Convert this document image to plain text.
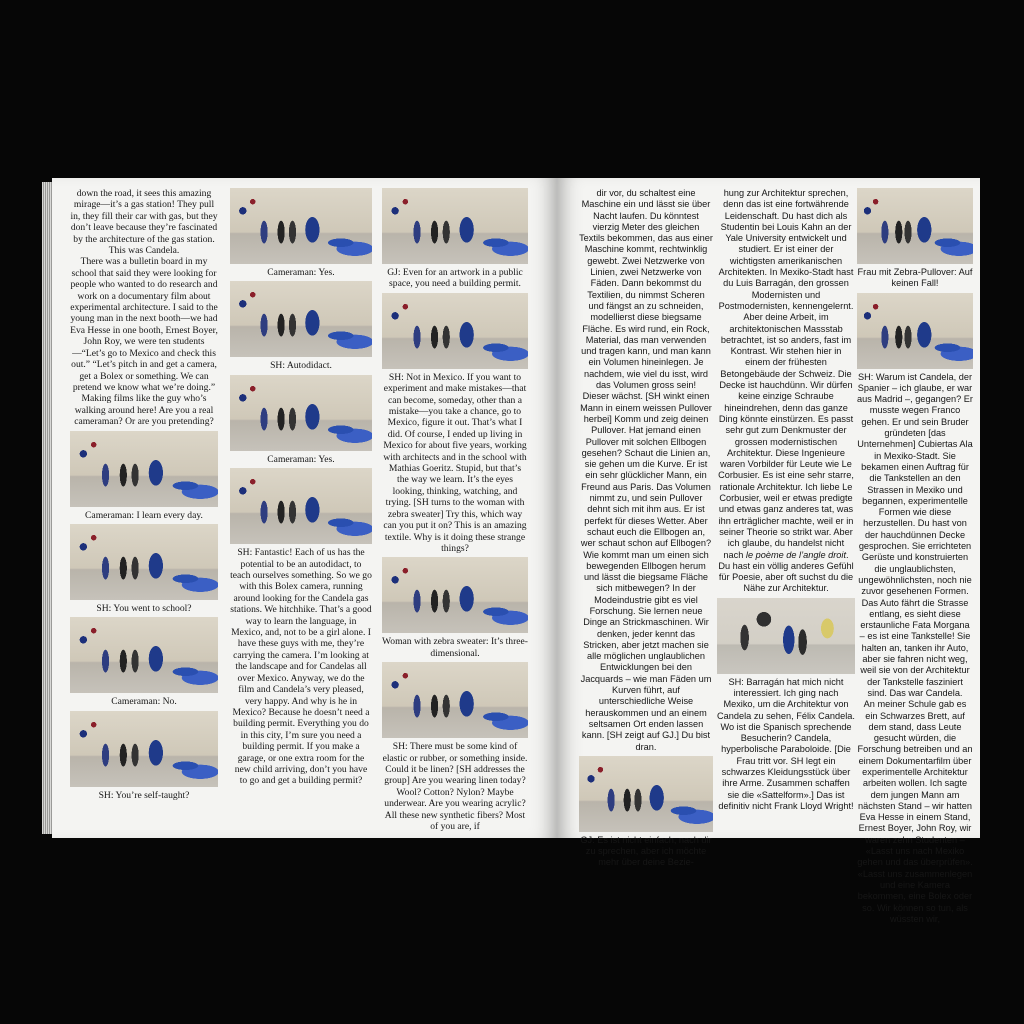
down the road, it sees this amazing mirage—it’s a gas station! They pull in, they fill their car with gas, but they don’t leave because they’re fascinated by the architecture of the gas station. This was Candela.

There was a bulletin board in my school that said they were looking for people who wanted to do research and work on a documentary film about experimental architecture. I said to the young man in the next booth—we had Eva Hesse in one booth, Ernest Boyer, John Roy, we were ten students—“Let’s go to Mexico and check this out.” “Let’s pitch in and get a camera, get a Bolex or something. We can pretend we know what we’re doing.” Making films like the guy who’s walking around here! Are you a real cameraman? Or are you pretending?

Cameraman: I learn every day.

SH: You went to school?

Cameraman: No.

SH: You’re self-taught?

Cameraman: Yes.

SH: Autodidact.

Cameraman: Yes.

SH: Fantastic! Each of us has the potential to be an autodidact, to teach ourselves something. So we go with this Bolex camera, running around looking for the Candela gas stations. We hitchhike. That’s a good way to learn the language, in Mexico, and, not to be a girl alone. I have these guys with me, they’re carrying the camera. I’m looking at the landscape and for Candelas all over Mexico. Anyway, we do the film and Candela’s very pleased, very happy. And why is he in Mexico? Because he doesn’t need a building permit. Everything you do in this city, I’m sure you need a building permit. If you make a garage, or one extra room for the new child arriving, don’t you have to go and get a building permit?

GJ: Even for an artwork in a public space, you need a building permit.

SH: Not in Mexico. If you want to experiment and make mistakes—that can become, someday, other than a mistake—you take a chance, go to Mexico, figure it out. That’s what I did. Of course, I ended up living in Mexico for about five years, working with architects and in the school with Mathias Goeritz. Stupid, but that’s the way we learn. It’s the eyes looking, thinking, watching, and trying. [SH turns to the woman with zebra sweater] Try this, which way can you put it on? This is an amazing textile. Why is it doing these strange things?

Woman with zebra sweater: It’s three-dimensional.

SH: There must be some kind of elastic or rubber, or something inside. Could it be linen? [SH addresses the group] Are you wearing linen today? Wool? Cotton? Nylon? Maybe underwear. Are you wearing acrylic? All these new synthetic fibers? Most of you are, if

dir vor, du schaltest eine Maschine ein und lässt sie über Nacht laufen. Du könntest vierzig Meter des gleichen Textils bekommen, das aus einer Maschine kommt, rechtwinklig gewebt. Zwei Netzwerke von Linien, zwei Netzwerke von Fäden. Dann bekommst du Textilien, du nimmst Scheren und fängst an zu schneiden, modellierst diese biegsame Fläche. Es wird rund, ein Rock, Material, das man verwenden und tragen kann, und man kann ein Volumen hineinlegen. Je nachdem, wie viel du isst, wird das Volumen gross sein!

Dieser wächst. [SH winkt einen Mann in einem weissen Pullover herbei] Komm und zeig deinen Pullover. Hat jemand einen Pullover mit solchen Ellbogen gesehen? Schaut die Linien an, sie gehen um die Kurve. Er ist ein sehr glücklicher Mann, ein Freund aus Paris. Das Volumen nimmt zu, und sein Pullover dehnt sich mit ihm aus. Er ist perfekt für dieses Wetter. Aber schaut euch die Ellbogen an, wer schaut schon auf Ellbogen? Wie kommt man um einen sich bewegenden Ellbogen herum und lässt die biegsame Fläche sich mitbewegen? In der Modeindustrie gibt es viel Forschung. Sie lernen neue Dinge an Strickmaschinen. Wir denken, jeder kennt das Stricken, aber jetzt machen sie alle möglichen unglaublichen Entwicklungen bei den Jacquards – wie man Fäden um Kurven führt, auf unterschiedliche Weise herauskommen und an einem seltsamen Ort enden lassen kann. [SH zeigt auf GJ.] Du bist dran.

GJ: Es ist nicht einfach, nach dir zu sprechen, aber ich möchte mehr über deine Bezie-

hung zur Architektur sprechen, denn das ist eine fortwährende Leidenschaft. Du hast dich als Studentin bei Louis Kahn an der Yale University entwickelt und studiert. Er ist einer der wichtigsten amerikanischen Architekten. In Mexiko-Stadt hast du Luis Barragán, den grossen Modernisten und Postmodernisten, kennengelernt. Aber deine Arbeit, im architektonischen Massstab betrachtet, ist so anders, fast im Kontrast. Wir stehen hier in einem der frühesten Betongebäude der Schweiz. Die Decke ist hauchdünn. Wir dürfen keine einzige Schraube hineindrehen, denn das ganze Ding könnte einstürzen. Es passt sehr gut zum Denkmuster der grossen modernistischen Architektur. Diese Ingenieure waren Vorbilder für Leute wie Le Corbusier. Es ist eine sehr starre, rationale Architektur. Ich liebe Le Corbusier, weil er etwas predigte und etwas ganz anderes tat, was ihn erträglicher machte, weil er in seiner Theorie so strikt war. Aber ich glaube, du handelst nicht nach le poème de l’angle droit. Du hast ein völlig anderes Gefühl für Poesie, aber oft suchst du die Nähe zur Architektur.

SH: Barragán hat mich nicht interessiert. Ich ging nach Mexiko, um die Architektur von Candela zu sehen, Félix Candela. Wo ist die Spanisch sprechende Besucherin? Candela, hyperbolische Paraboloide. [Die Frau tritt vor. SH legt ein schwarzes Kleidungsstück über ihre Arme. Zusammen schaffen sie die «Sattelform».] Das ist definitiv nicht Frank Lloyd Wright!

Frau mit Zebra-Pullover: Auf keinen Fall!

SH: Warum ist Candela, der Spanier – ich glaube, er war aus Madrid –, gegangen? Er musste wegen Franco gehen. Er und sein Bruder gründeten [das Unternehmen] Cubiertas Ala in Mexiko-Stadt. Sie bekamen einen Auftrag für die Tankstellen an den Strassen in Mexiko und begannen, experimentelle Formen wie diese herzustellen. Du hast von der hauchdünnen Decke gesprochen. Sie errichteten Gerüste und konstruierten die unglaublichsten, ungewöhnlichsten, noch nie zuvor gesehenen Formen. Das Auto fährt die Strasse entlang, es sieht diese erstaunliche Fata Morgana – es ist eine Tankstelle! Sie halten an, tanken ihr Auto, aber sie fahren nicht weg, weil sie von der Architektur der Tankstelle fasziniert sind. Das war Candela.

An meiner Schule gab es ein Schwarzes Brett, auf dem stand, dass Leute gesucht würden, die Forschung betreiben und an einem Dokumentarfilm über experimentelle Architektur arbeiten wollen. Ich sagte dem jungen Mann am nächsten Stand – wir hatten Eva Hesse in einem Stand, Ernest Boyer, John Roy, wir waren zehn Studenten – «Lasst uns nach Mexiko gehen und das überprüfen». «Lasst uns zusammenlegen und eine Kamera bekommen, eine Bolex oder so. Wir können so tun, als wüssten wir,
